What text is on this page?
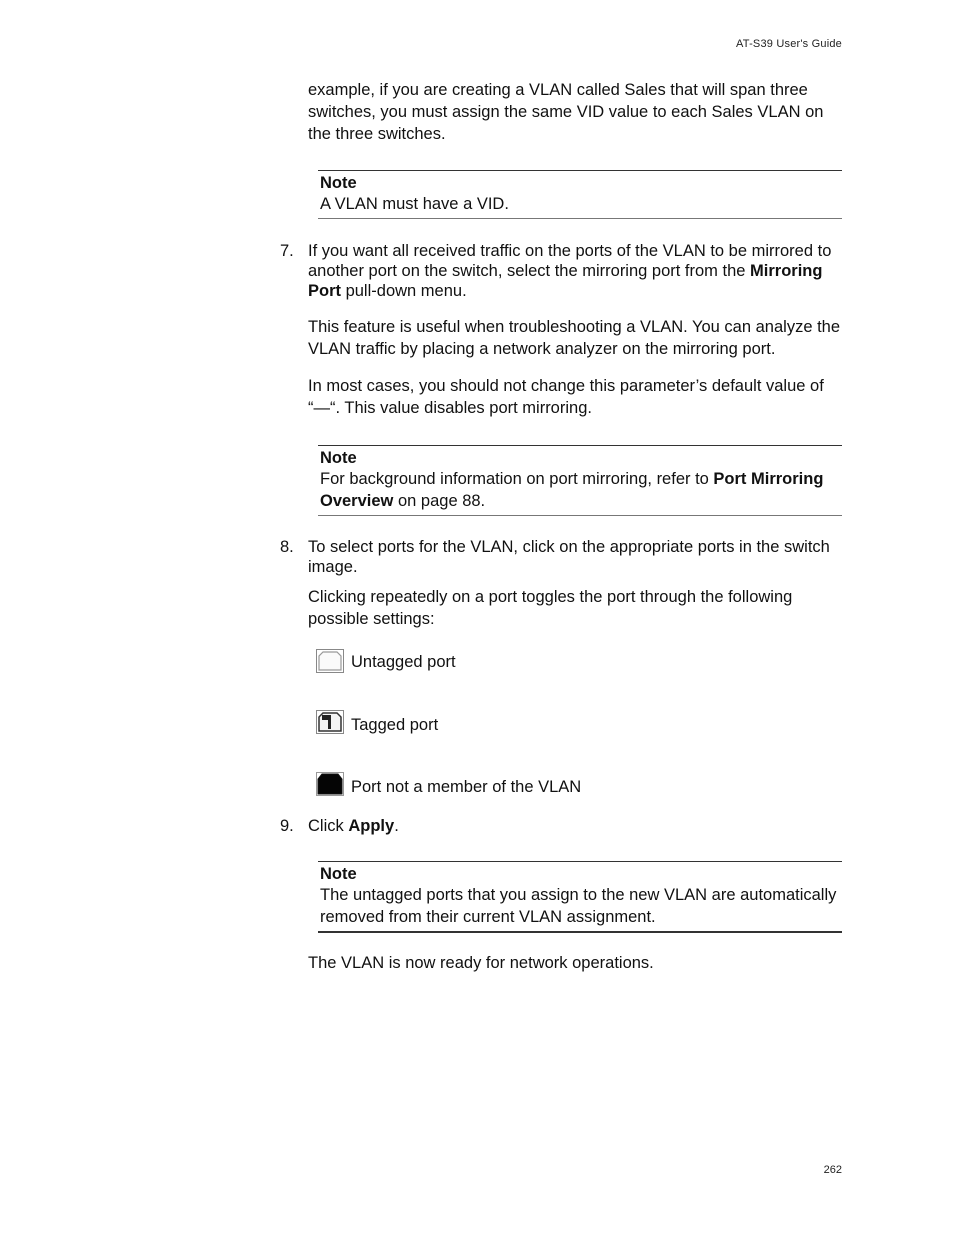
AT-S39 User's Guide

example, if you are creating a VLAN called Sales that will span three switches, you must assign the same VID value to each Sales VLAN on the three switches.

Note
A VLAN must have a VID.
7. If you want all received traffic on the ports of the VLAN to be mirrored to another port on the switch, select the mirroring port from the Mirroring Port pull-down menu.

This feature is useful when troubleshooting a VLAN. You can analyze the VLAN traffic by placing a network analyzer on the mirroring port.

In most cases, you should not change this parameter’s default value of “—“. This value disables port mirroring.

Note
For background information on port mirroring, refer to Port Mirroring Overview on page 88.
8. To select ports for the VLAN, click on the appropriate ports in the switch image.

Clicking repeatedly on a port toggles the port through the following possible settings:

Untagged port
Tagged port
Port not a member of the VLAN
9. Click Apply.

Note
The untagged ports that you assign to the new VLAN are automatically removed from their current VLAN assignment.

The VLAN is now ready for network operations.

262
